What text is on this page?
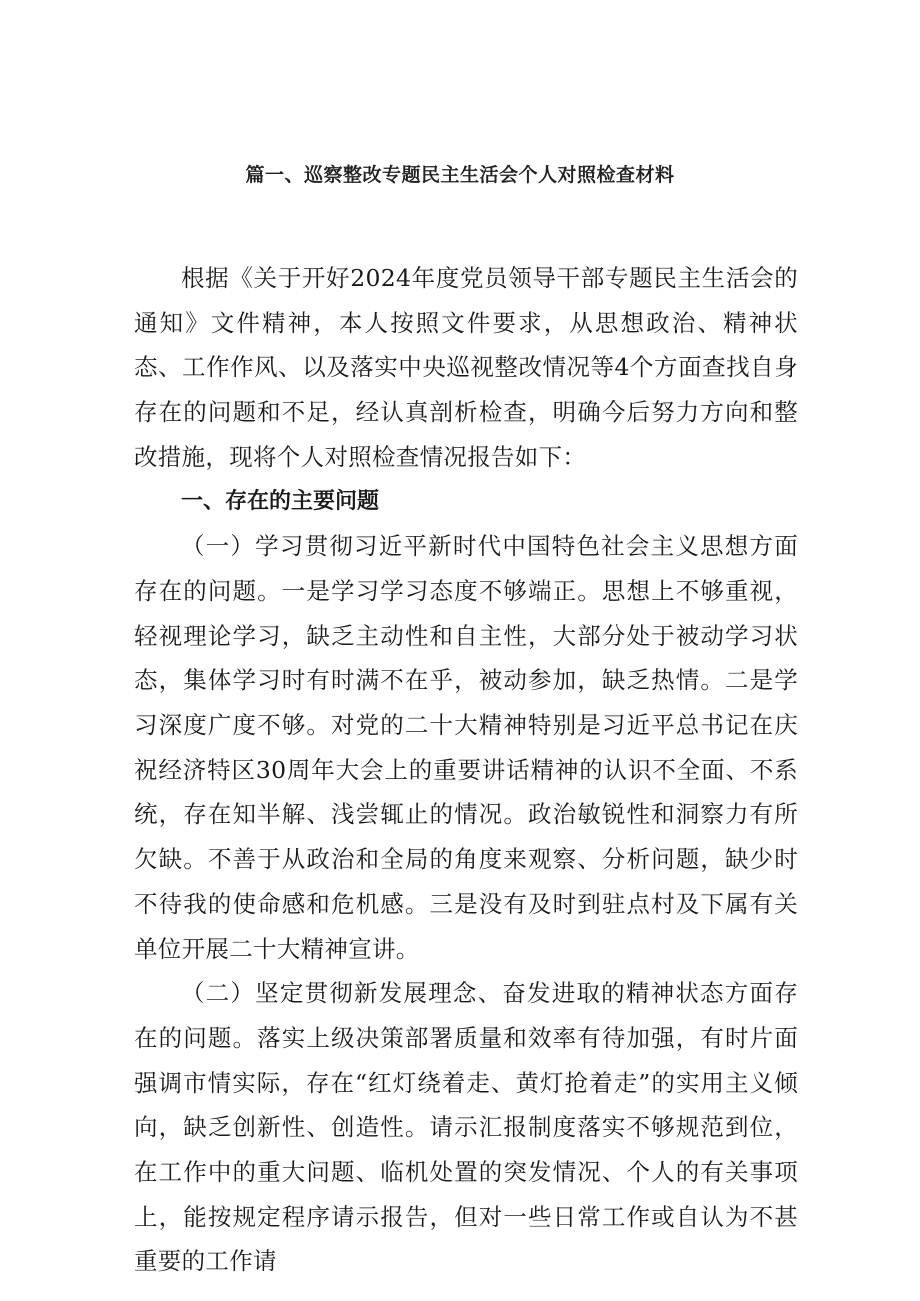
篇一、巡察整改专题民主生活会个人对照检查材料

根据《关于开好2024年度党员领导干部专题民主生活会的通知》文件精神，本人按照文件要求，从思想政治、精神状态、工作作风、以及落实中央巡视整改情况等4个方面查找自身存在的问题和不足，经认真剖析检查，明确今后努力方向和整改措施，现将个人对照检查情况报告如下：

一、存在的主要问题

（一）学习贯彻习近平新时代中国特色社会主义思想方面存在的问题。一是学习学习态度不够端正。思想上不够重视，轻视理论学习，缺乏主动性和自主性，大部分处于被动学习状态，集体学习时有时满不在乎，被动参加，缺乏热情。二是学习深度广度不够。对党的二十大精神特别是习近平总书记在庆祝经济特区30周年大会上的重要讲话精神的认识不全面、不系统，存在知半解、浅尝辄止的情况。政治敏锐性和洞察力有所欠缺。不善于从政治和全局的角度来观察、分析问题，缺少时不待我的使命感和危机感。三是没有及时到驻点村及下属有关单位开展二十大精神宣讲。

（二）坚定贯彻新发展理念、奋发进取的精神状态方面存在的问题。落实上级决策部署质量和效率有待加强，有时片面强调市情实际，存在“红灯绕着走、黄灯抢着走”的实用主义倾向，缺乏创新性、创造性。请示汇报制度落实不够规范到位，在工作中的重大问题、临机处置的突发情况、个人的有关事项上，能按规定程序请示报告，但对一些日常工作或自认为不甚重要的工作请
